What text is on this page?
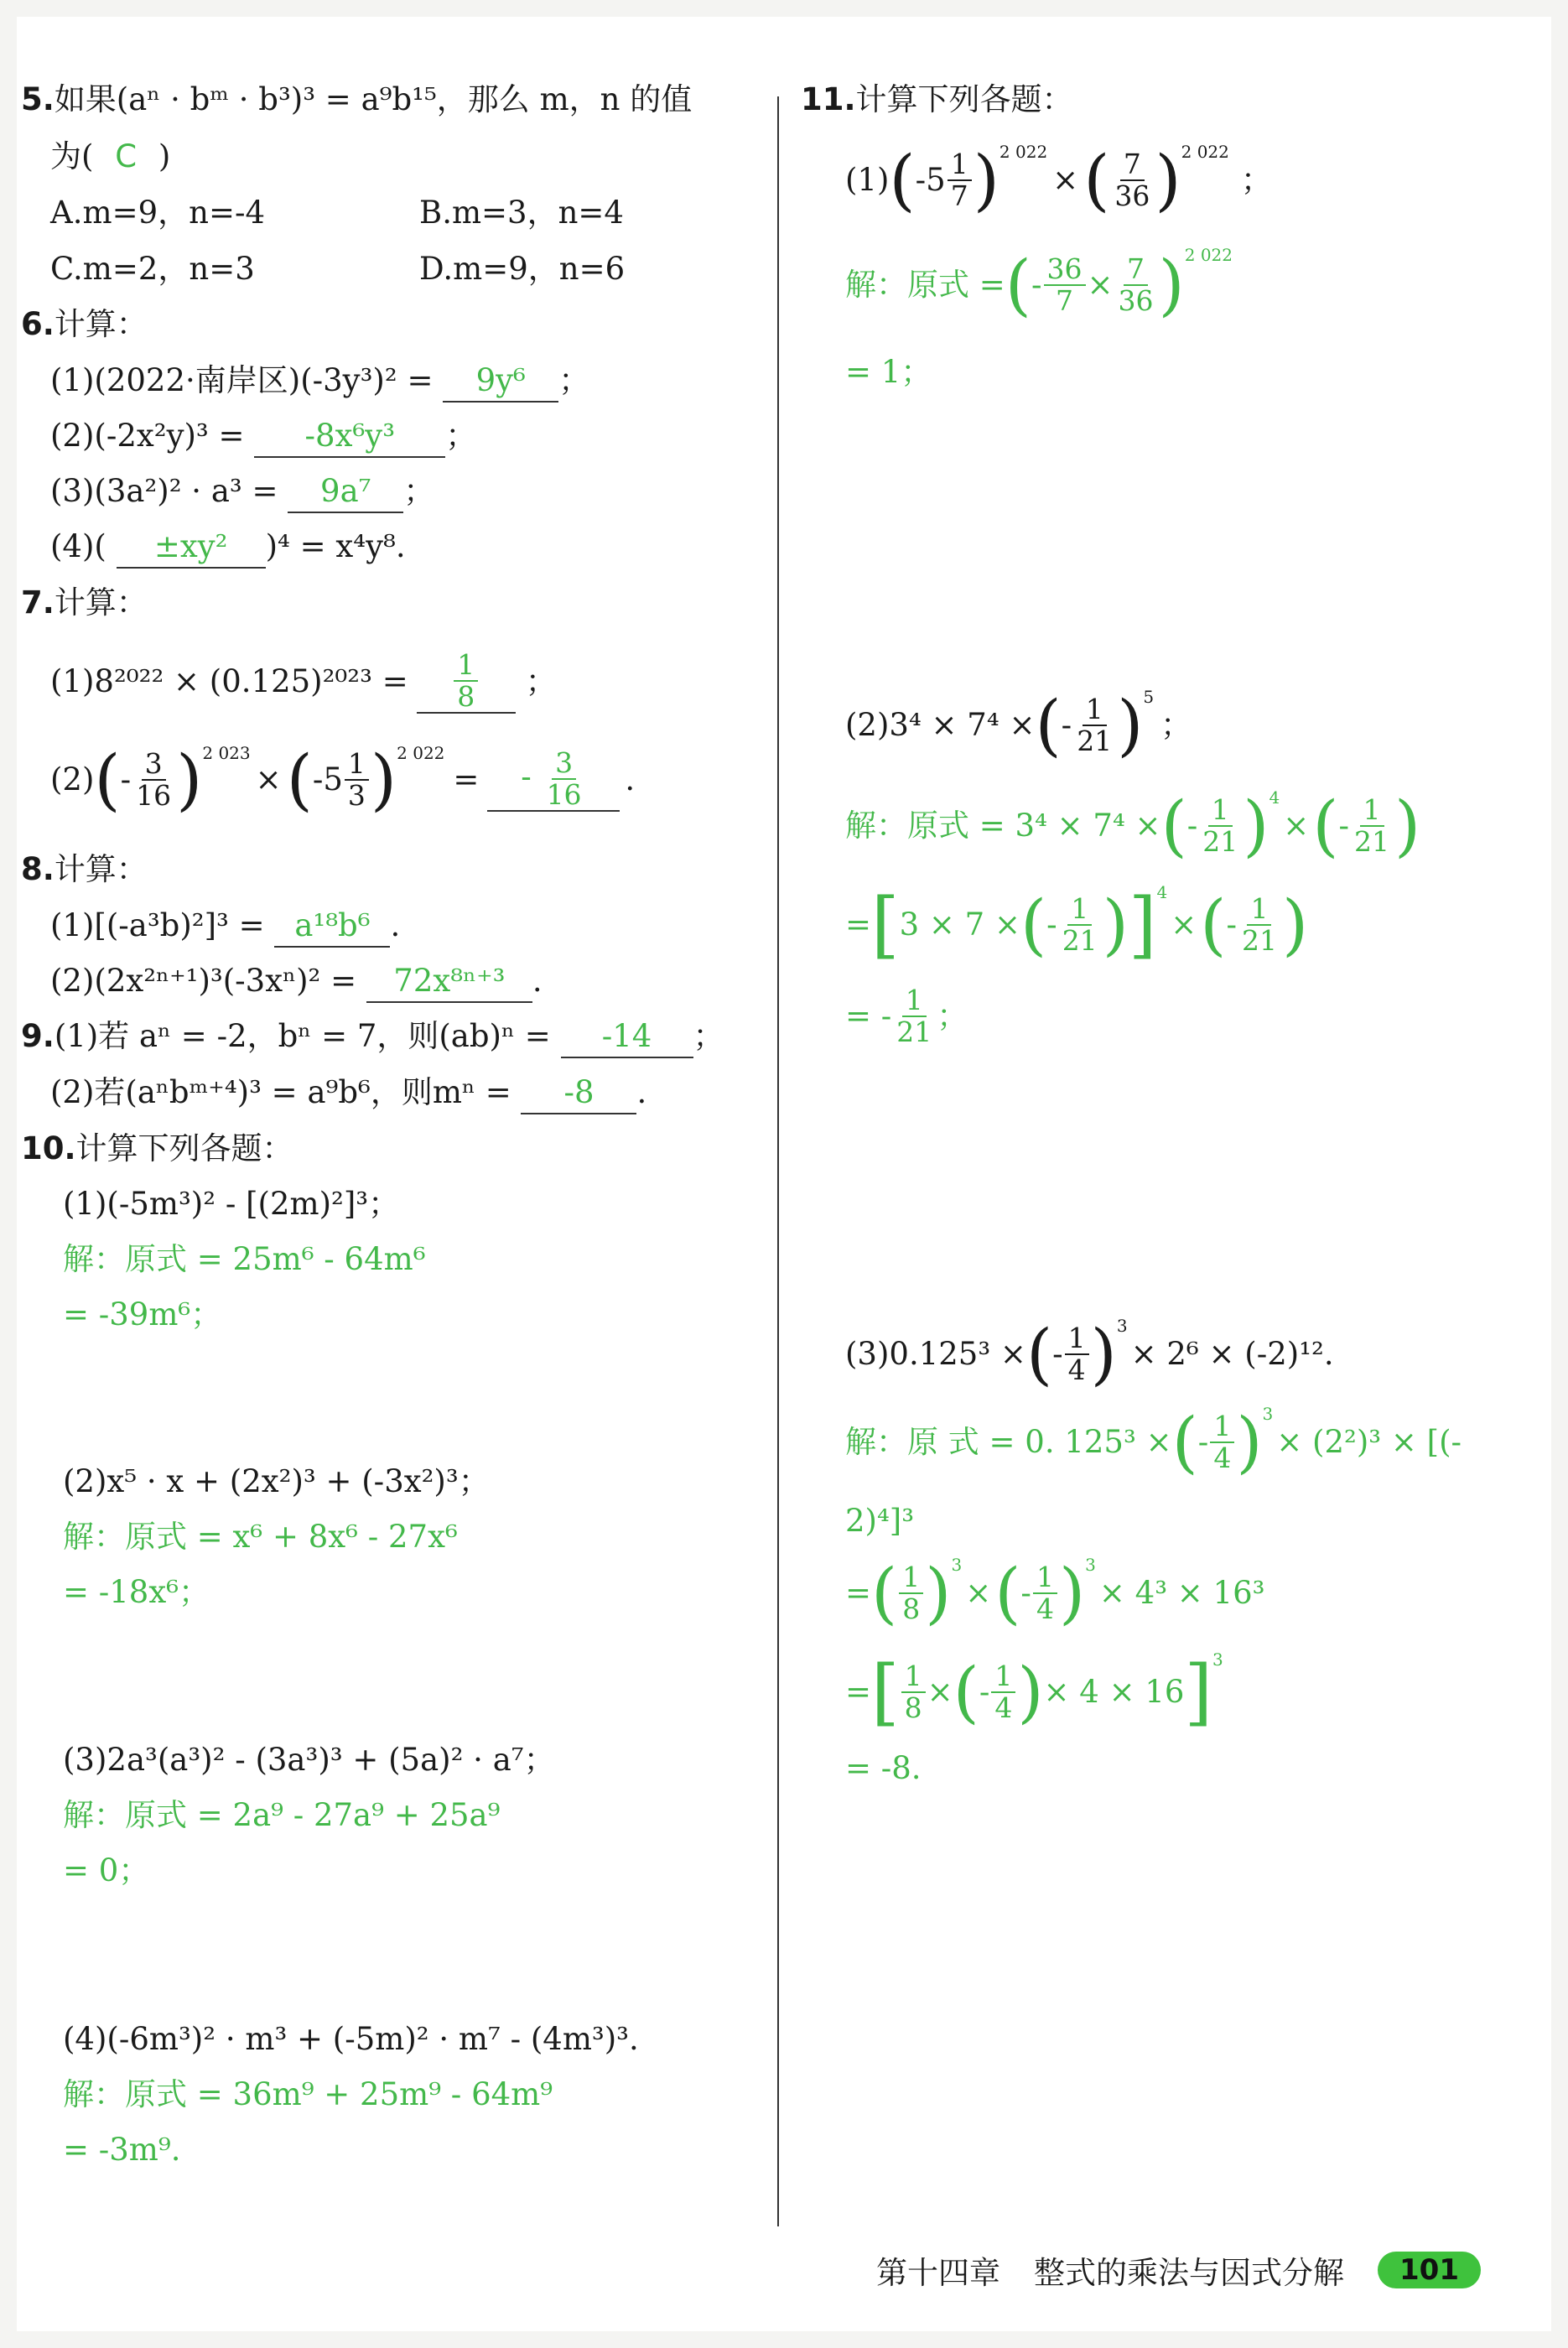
5.如果(aⁿ · bᵐ · b³)³ = a⁹b¹⁵，那么 m，n 的值
为( C )
A.m=9，n=-4	B.m=3，n=4
C.m=2，n=3	D.m=9，n=6
6.计算：
(1)(2022·南岸区)(-3y³)² = 9y⁶ ；
(2)(-2x²y)³ = -8x⁶y³ ；
(3)(3a²)² · a³ = 9a⁷ ；
(4)( ±xy² )⁴ = x⁴y⁸.
7.计算：
$(1)8^{2022} \times (0.125)^{2023} = \frac{1}{8}$ ；
(2) ( - $\frac{3}{16}$ ) 2 023
× ( $-5 \frac{1}{3}$ ) 2 022
=	- $\frac{3}{16}$ .
8.计算：
(1)[(-a³b)²]³ = a¹⁸b⁶ .
(2)(2x²ⁿ⁺¹)³(-3xⁿ)² = 72x⁸ⁿ⁺³ .
9.(1)若 aⁿ = -2，bⁿ = 7，则(ab)ⁿ = -14 ；
(2)若(aⁿbᵐ⁺⁴)³ = a⁹b⁶，则mⁿ = -8 .
10.计算下列各题：
(1)(-5m³)² - [(2m)²]³；
解：原式 = 25m⁶ - 64m⁶
= -39m⁶；
(2)x⁵ · x + (2x²)³ + (-3x²)³；
解：原式 = x⁶ + 8x⁶ - 27x⁶
= -18x⁶；
(3)2a³(a³)² - (3a³)³ + (5a)² · a⁷；
解：原式 = 2a⁹ - 27a⁹ + 25a⁹
= 0；
(4)(-6m³)² · m³ + (-5m)² · m⁷ - (4m³)³.
解：原式 = 36m⁹ + 25m⁹ - 64m⁹
= -3m⁹.
11.计算下列各题：
(1) ( $-5 \frac{1}{7}$ ) 2 022
× ( $\frac{7}{36}$ ) 2 022
；
解：原式 = ( - $\frac{36}{7} \times \frac{7}{36}$ ) 2 022
= 1；
(2)3⁴ × 7⁴ × ( - $\frac{1}{21}$ ) 5
；
解：原式 = 3⁴ × 7⁴ × ( - $\frac{1}{21}$ ) 4
× ( - $\frac{1}{21}$ )
= [ 3 × 7 × ( - $\frac{1}{21}$ ) ] 4
× ( - $\frac{1}{21}$ )
= - $\frac{1}{21}$ ；
(3)0.125³ × ( - $\frac{1}{4}$ ) 3
× 2⁶ × (-2)¹².
解：原 式 = 0. 125³ × ( - $\frac{1}{4}$ ) 3
× (2²)³ × [(-
2)⁴]³
= ( $\frac{1}{8}$ ) 3
× ( - $\frac{1}{4}$ ) 3
× 4³ × 16³
= [ $\frac{1}{8}$ × ( - $\frac{1}{4}$ ) × 4 × 16 ] 3
= -8.
第十四章 整式的乘法与因式分解	101
